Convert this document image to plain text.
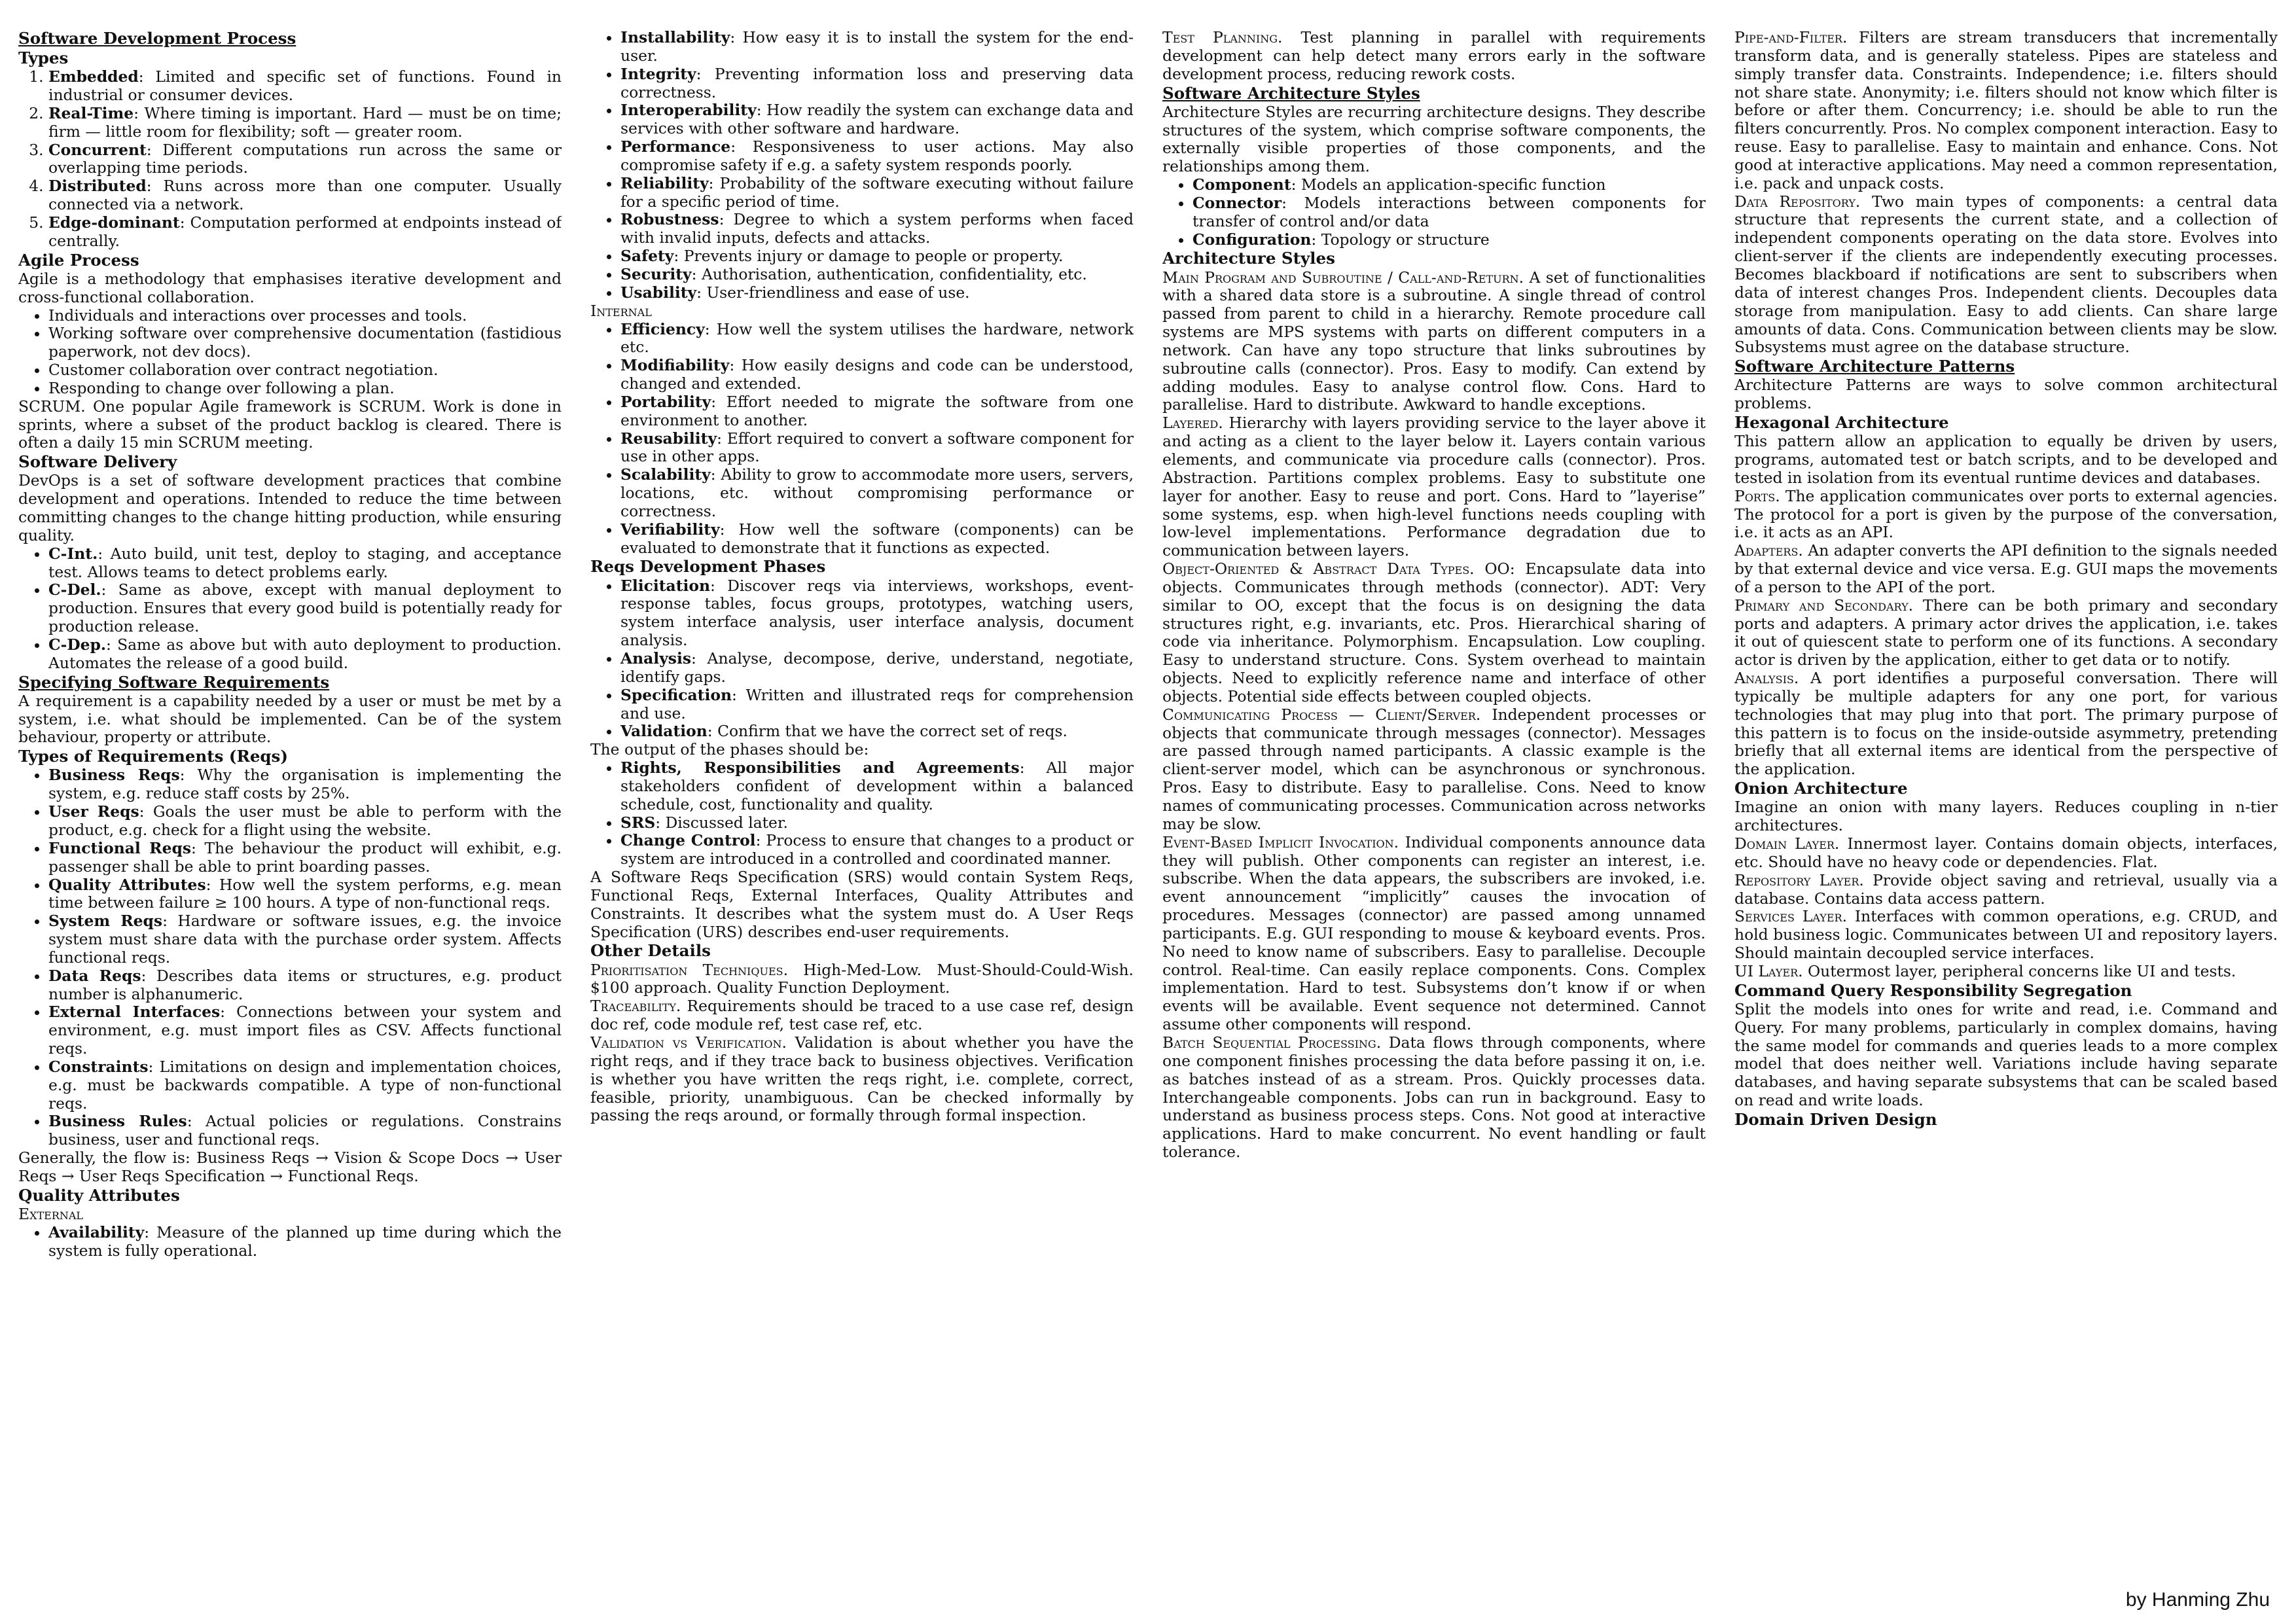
Software Development Process
Types
1. Embedded: Limited and specific set of functions. Found in industrial or consumer devices.
2. Real-Time: Where timing is important. Hard — must be on time; firm — little room for flexibility; soft — greater room.
3. Concurrent: Different computations run across the same or overlapping time periods.
4. Distributed: Runs across more than one computer. Usually connected via a network.
5. Edge-dominant: Computation performed at endpoints instead of centrally.
Agile Process

Agile is a methodology that emphasises iterative development and cross-functional collaboration.

• Individuals and interactions over processes and tools.
• Working software over comprehensive documentation (fastidious paperwork, not dev docs).
• Customer collaboration over contract negotiation.
• Responding to change over following a plan.

SCRUM. One popular Agile framework is SCRUM. Work is done in sprints, where a subset of the product backlog is cleared. There is often a daily 15 min SCRUM meeting.

Software Delivery

DevOps is a set of software development practices that combine development and operations. Intended to reduce the time between committing changes to the change hitting production, while ensuring quality.

• C-Int.: Auto build, unit test, deploy to staging, and acceptance test. Allows teams to detect problems early.
• C-Del.: Same as above, except with manual deployment to production. Ensures that every good build is potentially ready for production release.
• C-Dep.: Same as above but with auto deployment to production. Automates the release of a good build.
Specifying Software Requirements

A requirement is a capability needed by a user or must be met by a system, i.e. what should be implemented. Can be of the system behaviour, property or attribute.

Types of Requirements (Reqs)
• Business Reqs: Why the organisation is implementing the system, e.g. reduce staff costs by 25%.
• User Reqs: Goals the user must be able to perform with the product, e.g. check for a flight using the website.
• Functional Reqs: The behaviour the product will exhibit, e.g. passenger shall be able to print boarding passes.
• Quality Attributes: How well the system performs, e.g. mean time between failure ≥ 100 hours. A type of non-functional reqs.
• System Reqs: Hardware or software issues, e.g. the invoice system must share data with the purchase order system. Affects functional reqs.
• Data Reqs: Describes data items or structures, e.g. product number is alphanumeric.
• External Interfaces: Connections between your system and environment, e.g. must import files as CSV. Affects functional reqs.
• Constraints: Limitations on design and implementation choices, e.g. must be backwards compatible. A type of non-functional reqs.
• Business Rules: Actual policies or regulations. Constrains business, user and functional reqs.

Generally, the flow is: Business Reqs → Vision & Scope Docs → User Reqs → User Reqs Specification → Functional Reqs.

Quality Attributes
External
• Availability: Measure of the planned up time during which the system is fully operational.
• Installability: How easy it is to install the system for the end-user.
• Integrity: Preventing information loss and preserving data correctness.
• Interoperability: How readily the system can exchange data and services with other software and hardware.
• Performance: Responsiveness to user actions. May also compromise safety if e.g. a safety system responds poorly.
• Reliability: Probability of the software executing without failure for a specific period of time.
• Robustness: Degree to which a system performs when faced with invalid inputs, defects and attacks.
• Safety: Prevents injury or damage to people or property.
• Security: Authorisation, authentication, confidentiality, etc.
• Usability: User-friendliness and ease of use.
Internal
• Efficiency: How well the system utilises the hardware, network etc.
• Modifiability: How easily designs and code can be understood, changed and extended.
• Portability: Effort needed to migrate the software from one environment to another.
• Reusability: Effort required to convert a software component for use in other apps.
• Scalability: Ability to grow to accommodate more users, servers, locations, etc. without compromising performance or correctness.
• Verifiability: How well the software (components) can be evaluated to demonstrate that it functions as expected.
Reqs Development Phases
• Elicitation: Discover reqs via interviews, workshops, event-response tables, focus groups, prototypes, watching users, system interface analysis, user interface analysis, document analysis.
• Analysis: Analyse, decompose, derive, understand, negotiate, identify gaps.
• Specification: Written and illustrated reqs for comprehension and use.
• Validation: Confirm that we have the correct set of reqs.

The output of the phases should be:

• Rights, Responsibilities and Agreements: All major stakeholders confident of development within a balanced schedule, cost, functionality and quality.
• SRS: Discussed later.
• Change Control: Process to ensure that changes to a product or system are introduced in a controlled and coordinated manner.

A Software Reqs Specification (SRS) would contain System Reqs, Functional Reqs, External Interfaces, Quality Attributes and Constraints. It describes what the system must do. A User Reqs Specification (URS) describes end-user requirements.

Other Details

Prioritisation Techniques. High-Med-Low. Must-Should-Could-Wish. $100 approach. Quality Function Deployment.

Traceability. Requirements should be traced to a use case ref, design doc ref, code module ref, test case ref, etc.

Validation vs Verification. Validation is about whether you have the right reqs, and if they trace back to business objectives. Verification is whether you have written the reqs right, i.e. complete, correct, feasible, priority, unambiguous. Can be checked informally by passing the reqs around, or formally through formal inspection.

Test Planning. Test planning in parallel with requirements development can help detect many errors early in the software development process, reducing rework costs.

Software Architecture Styles

Architecture Styles are recurring architecture designs. They describe structures of the system, which comprise software components, the externally visible properties of those components, and the relationships among them.

• Component: Models an application-specific function
• Connector: Models interactions between components for transfer of control and/or data
• Configuration: Topology or structure
Architecture Styles

Main Program and Subroutine / Call-and-Return. A set of functionalities with a shared data store is a subroutine. A single thread of control passed from parent to child in a hierarchy. Remote procedure call systems are MPS systems with parts on different computers in a network. Can have any topo structure that links subroutines by subroutine calls (connector). Pros. Easy to modify. Can extend by adding modules. Easy to analyse control flow. Cons. Hard to parallelise. Hard to distribute. Awkward to handle exceptions.

Layered. Hierarchy with layers providing service to the layer above it and acting as a client to the layer below it. Layers contain various elements, and communicate via procedure calls (connector). Pros. Abstraction. Partitions complex problems. Easy to substitute one layer for another. Easy to reuse and port. Cons. Hard to ”layerise” some systems, esp. when high-level functions needs coupling with low-level implementations. Performance degradation due to communication between layers.

Object-Oriented & Abstract Data Types. OO: Encapsulate data into objects. Communicates through methods (connector). ADT: Very similar to OO, except that the focus is on designing the data structures right, e.g. invariants, etc. Pros. Hierarchical sharing of code via inheritance. Polymorphism. Encapsulation. Low coupling. Easy to understand structure. Cons. System overhead to maintain objects. Need to explicitly reference name and interface of other objects. Potential side effects between coupled objects.

Communicating Process — Client/Server. Independent processes or objects that communicate through messages (connector). Messages are passed through named participants. A classic example is the client-server model, which can be asynchronous or synchronous. Pros. Easy to distribute. Easy to parallelise. Cons. Need to know names of communicating processes. Communication across networks may be slow.

Event-Based Implicit Invocation. Individual components announce data they will publish. Other components can register an interest, i.e. subscribe. When the data appears, the subscribers are invoked, i.e. event announcement “implicitly” causes the invocation of procedures. Messages (connector) are passed among unnamed participants. E.g. GUI responding to mouse & keyboard events. Pros. No need to know name of subscribers. Easy to parallelise. Decouple control. Real-time. Can easily replace components. Cons. Complex implementation. Hard to test. Subsystems don’t know if or when events will be available. Event sequence not determined. Cannot assume other components will respond.

Batch Sequential Processing. Data flows through components, where one component finishes processing the data before passing it on, i.e. as batches instead of as a stream. Pros. Quickly processes data. Interchangeable components. Jobs can run in background. Easy to understand as business process steps. Cons. Not good at interactive applications. Hard to make concurrent. No event handling or fault tolerance.

Pipe-and-Filter. Filters are stream transducers that incrementally transform data, and is generally stateless. Pipes are stateless and simply transfer data. Constraints. Independence; i.e. filters should not share state. Anonymity; i.e. filters should not know which filter is before or after them. Concurrency; i.e. should be able to run the filters concurrently. Pros. No complex component interaction. Easy to reuse. Easy to parallelise. Easy to maintain and enhance. Cons. Not good at interactive applications. May need a common representation, i.e. pack and unpack costs.

Data Repository. Two main types of components: a central data structure that represents the current state, and a collection of independent components operating on the data store. Evolves into client-server if the clients are independently executing processes. Becomes blackboard if notifications are sent to subscribers when data of interest changes Pros. Independent clients. Decouples data storage from manipulation. Easy to add clients. Can share large amounts of data. Cons. Communication between clients may be slow. Subsystems must agree on the database structure.

Software Architecture Patterns

Architecture Patterns are ways to solve common architectural problems.

Hexagonal Architecture

This pattern allow an application to equally be driven by users, programs, automated test or batch scripts, and to be developed and tested in isolation from its eventual runtime devices and databases.

Ports. The application communicates over ports to external agencies. The protocol for a port is given by the purpose of the conversation, i.e. it acts as an API.

Adapters. An adapter converts the API definition to the signals needed by that external device and vice versa. E.g. GUI maps the movements of a person to the API of the port.

Primary and Secondary. There can be both primary and secondary ports and adapters. A primary actor drives the application, i.e. takes it out of quiescent state to perform one of its functions. A secondary actor is driven by the application, either to get data or to notify.

Analysis. A port identifies a purposeful conversation. There will typically be multiple adapters for any one port, for various technologies that may plug into that port. The primary purpose of this pattern is to focus on the inside-outside asymmetry, pretending briefly that all external items are identical from the perspective of the application.

Onion Architecture

Imagine an onion with many layers. Reduces coupling in n-tier architectures.

Domain Layer. Innermost layer. Contains domain objects, interfaces, etc. Should have no heavy code or dependencies. Flat.

Repository Layer. Provide object saving and retrieval, usually via a database. Contains data access pattern.

Services Layer. Interfaces with common operations, e.g. CRUD, and hold business logic. Communicates between UI and repository layers. Should maintain decoupled service interfaces.

UI Layer. Outermost layer, peripheral concerns like UI and tests.

Command Query Responsibility Segregation

Split the models into ones for write and read, i.e. Command and Query. For many problems, particularly in complex domains, having the same model for commands and queries leads to a more complex model that does neither well. Variations include having separate databases, and having separate subsystems that can be scaled based on read and write loads.

Domain Driven Design
by Hanming Zhu
